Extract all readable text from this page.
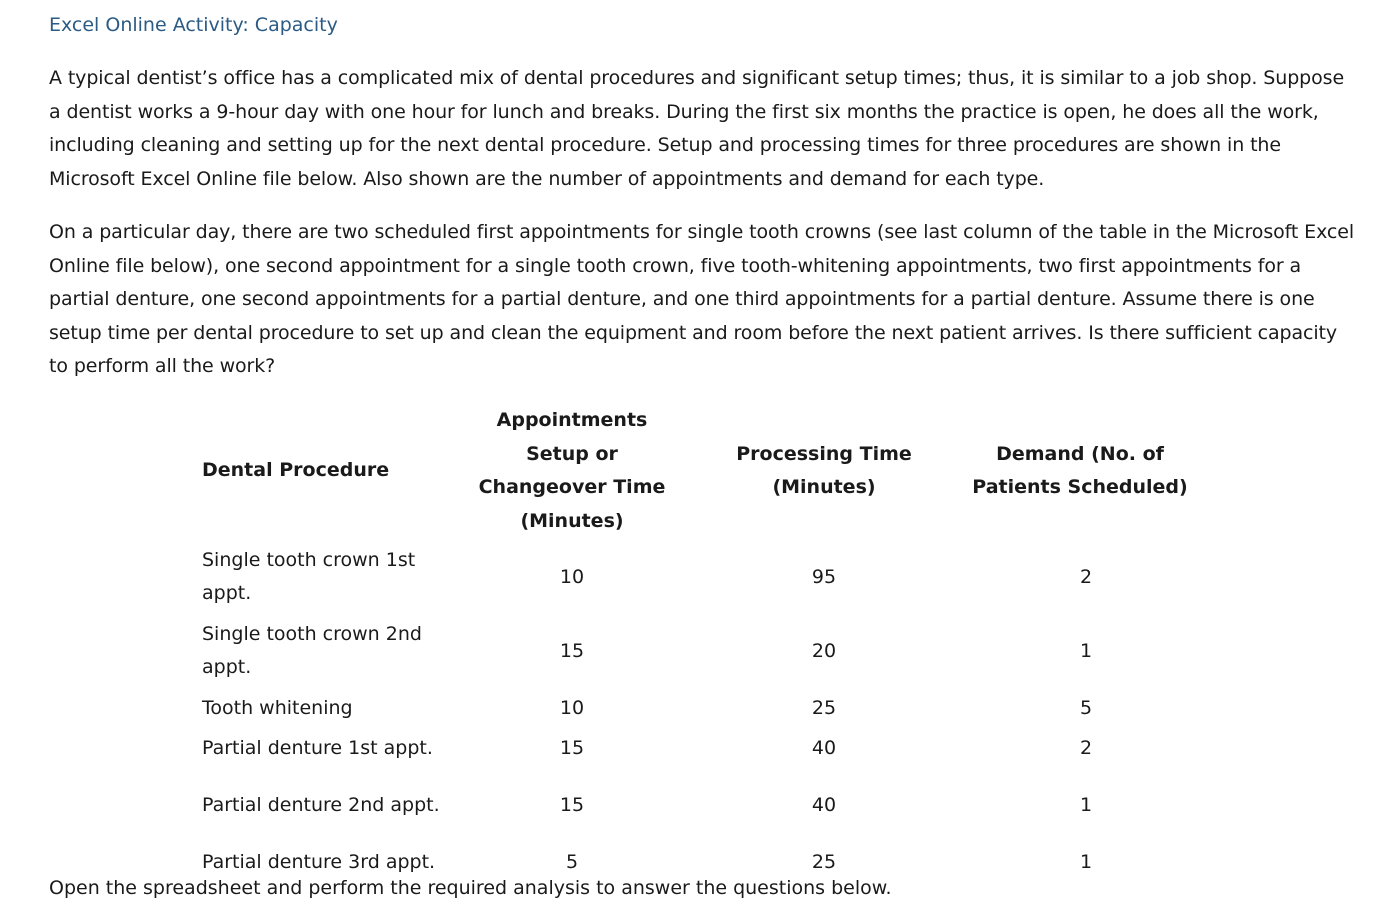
Excel Online Activity: Capacity

A typical dentist’s office has a complicated mix of dental procedures and significant setup times; thus, it is similar to a job shop. Suppose a dentist works a 9-hour day with one hour for lunch and breaks. During the first six months the practice is open, he does all the work, including cleaning and setting up for the next dental procedure. Setup and processing times for three procedures are shown in the Microsoft Excel Online file below. Also shown are the number of appointments and demand for each type.

On a particular day, there are two scheduled first appointments for single tooth crowns (see last column of the table in the Microsoft Excel Online file below), one second appointment for a single tooth crown, five tooth-whitening appointments, two first appointments for a partial denture, one second appointments for a partial denture, and one third appointments for a partial denture. Assume there is one setup time per dental procedure to set up and clean the equipment and room before the next patient arrives. Is there sufficient capacity to perform all the work?

Dental Procedure	Appointments Setup or Changeover Time (Minutes)	Processing Time (Minutes)	Demand (No. of Patients Scheduled)
Single tooth crown 1st appt.	10	95	2
Single tooth crown 2nd appt.	15	20	1
Tooth whitening	10	25	5
Partial denture 1st appt.	15	40	2
Partial denture 2nd appt.	15	40	1
Partial denture 3rd appt.	5	25	1
Open the spreadsheet and perform the required analysis to answer the questions below.
